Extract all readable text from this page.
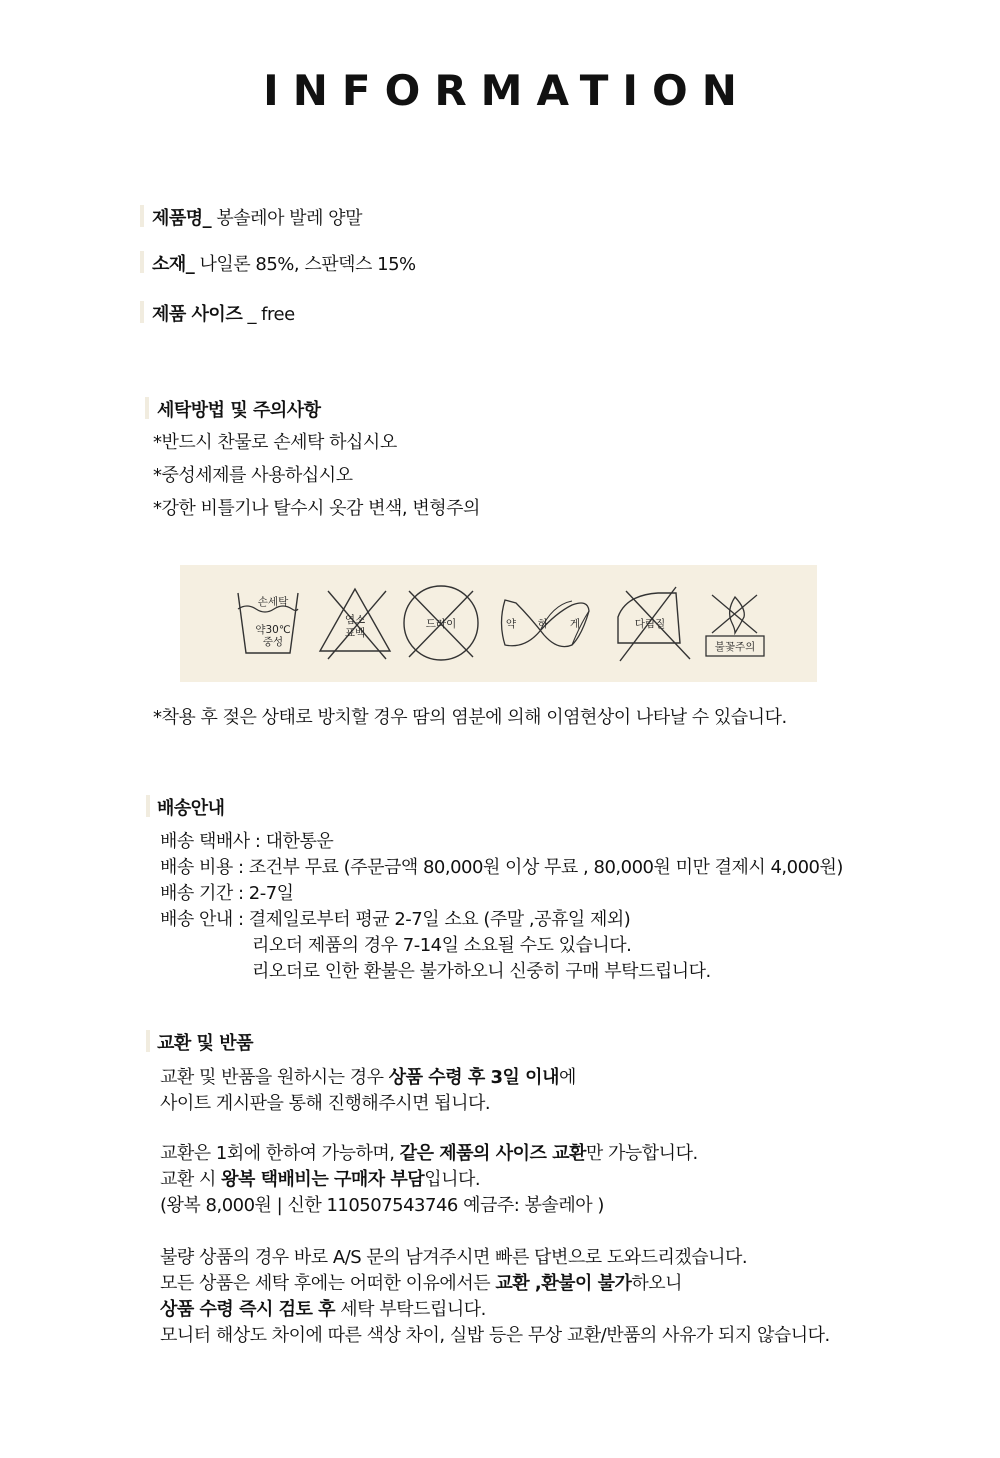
INFORMATION
제품명_ 봉솔레아 발레 양말
소재_ 나일론 85%, 스판덱스 15%
제품 사이즈 _ free
세탁방법 및 주의사항
*반드시 찬물로 손세탁 하십시오
*중성세제를 사용하십시오
*강한 비틀기나 탈수시 옷감 변색, 변형주의
손세탁
약30℃
중성
염소
표백
드라이	약 하 게	다림질
불꽃주의
*착용 후 젖은 상태로 방치할 경우 땀의 염분에 의해 이염현상이 나타날 수 있습니다.
배송안내
배송 택배사 : 대한통운
배송 비용 : 조건부 무료 (주문금액 80,000원 이상 무료 , 80,000원 미만 결제시 4,000원)
배송 기간 : 2-7일
배송 안내 : 결제일로부터 평균 2-7일 소요 (주말 ,공휴일 제외)
리오더 제품의 경우 7-14일 소요될 수도 있습니다.
리오더로 인한 환불은 불가하오니 신중히 구매 부탁드립니다.
교환 및 반품
교환 및 반품을 원하시는 경우 상품 수령 후 3일 이내에
사이트 게시판을 통해 진행해주시면 됩니다.
교환은 1회에 한하여 가능하며, 같은 제품의 사이즈 교환만 가능합니다.
교환 시 왕복 택배비는 구매자 부담입니다.
(왕복 8,000원 | 신한 110507543746 예금주: 봉솔레아 )
불량 상품의 경우 바로 A/S 문의 남겨주시면 빠른 답변으로 도와드리겠습니다.
모든 상품은 세탁 후에는 어떠한 이유에서든 교환 ,환불이 불가하오니
상품 수령 즉시 검토 후 세탁 부탁드립니다.
모니터 해상도 차이에 따른 색상 차이, 실밥 등은 무상 교환/반품의 사유가 되지 않습니다.
